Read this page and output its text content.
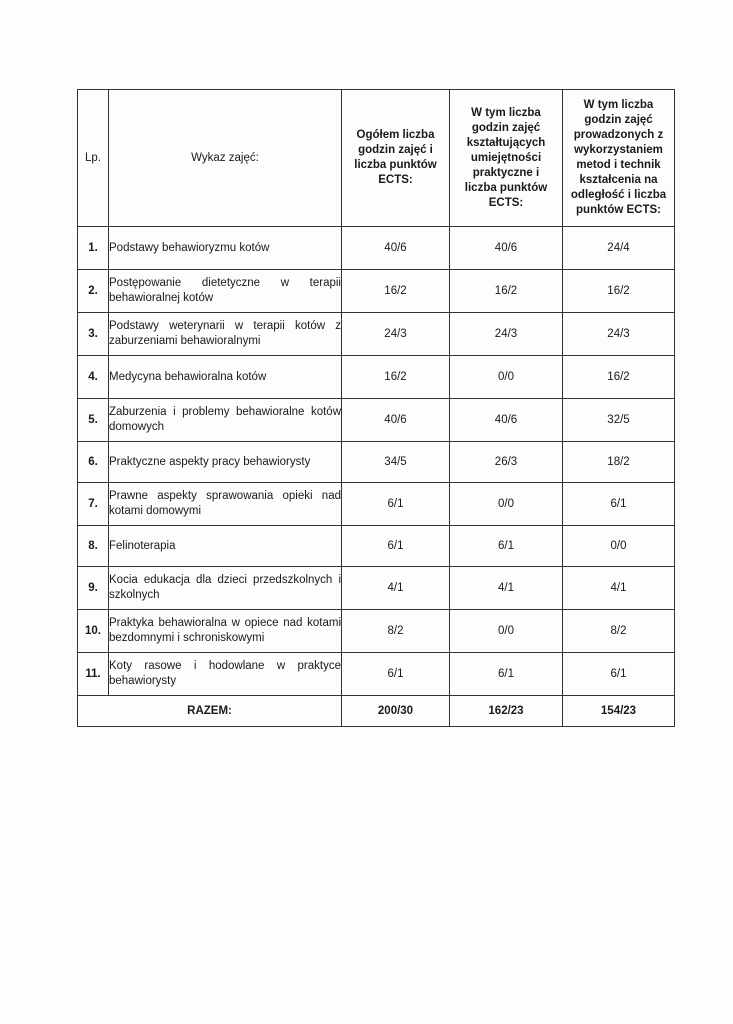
Lp.	Wykaz zajęć:	Ogółem liczba godzin zajęć i liczba punktów ECTS:	W tym liczba godzin zajęć kształtujących umiejętności praktyczne i liczba punktów ECTS:	W tym liczba godzin zajęć prowadzonych z wykorzystaniem metod i technik kształcenia na odległość i liczba punktów ECTS:
1.	Podstawy behawioryzmu kotów	40/6	40/6	24/4
2.	Postępowanie dietetyczne w terapii behawioralnej kotów	16/2	16/2	16/2
3.	Podstawy weterynarii w terapii kotów z zaburzeniami behawioralnymi	24/3	24/3	24/3
4.	Medycyna behawioralna kotów	16/2	0/0	16/2
5.	Zaburzenia i problemy behawioralne kotów domowych	40/6	40/6	32/5
6.	Praktyczne aspekty pracy behawiorysty	34/5	26/3	18/2
7.	Prawne aspekty sprawowania opieki nad kotami domowymi	6/1	0/0	6/1
8.	Felinoterapia	6/1	6/1	0/0
9.	Kocia edukacja dla dzieci przedszkolnych i szkolnych	4/1	4/1	4/1
10.	Praktyka behawioralna w opiece nad kotami bezdomnymi i schroniskowymi	8/2	0/0	8/2
11.	Koty rasowe i hodowlane w praktyce behawiorysty	6/1	6/1	6/1
RAZEM:		200/30	162/23	154/23
